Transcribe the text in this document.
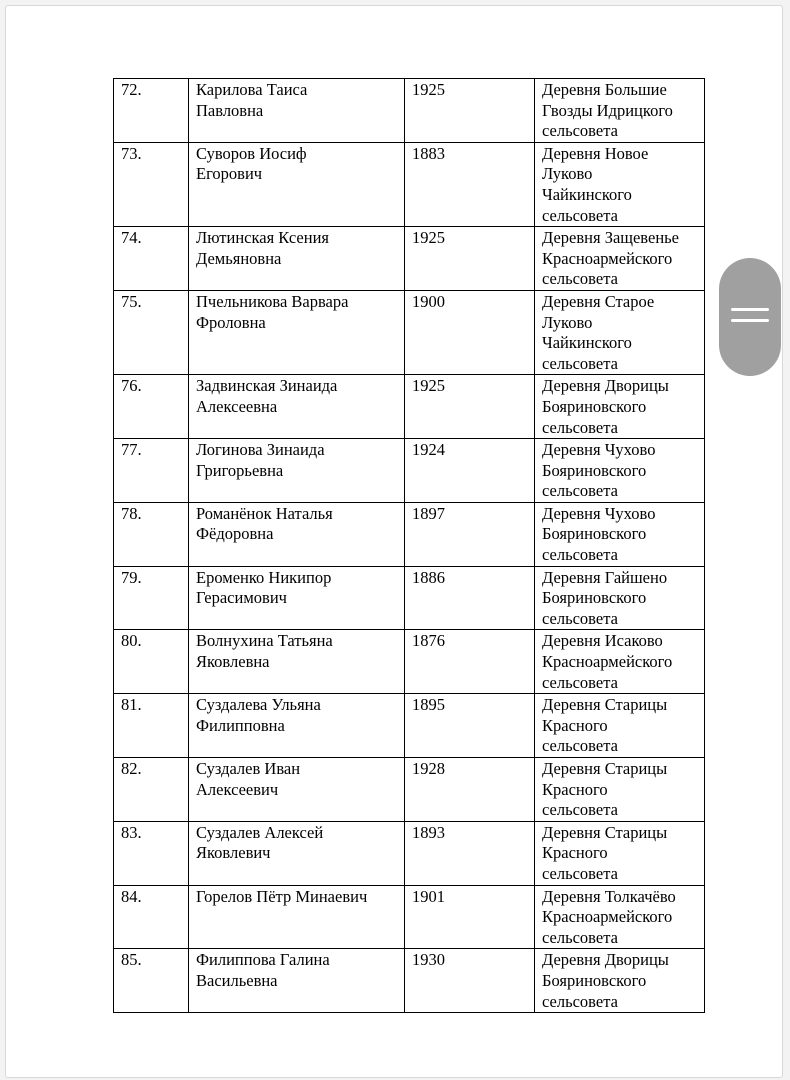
72.	Карилова Таиса
Павловна	1925	Деревня Большие
Гвозды Идрицкого
сельсовета

73.	Суворов Иосиф
Егорович	1883	Деревня Новое
Луково
Чайкинского
сельсовета

74.	Лютинская Ксения
Демьяновна	1925	Деревня Защевенье
Красноармейского
сельсовета

75.	Пчельникова Варвара
Фроловна	1900	Деревня Старое
Луково
Чайкинского
сельсовета

76.	Задвинская Зинаида
Алексеевна	1925	Деревня Дворицы
Бояриновского
сельсовета

77.	Логинова Зинаида
Григорьевна	1924	Деревня Чухово
Бояриновского
сельсовета

78.	Романёнок Наталья
Фёдоровна	1897	Деревня Чухово
Бояриновского
сельсовета

79.	Ероменко Никипор
Герасимович	1886	Деревня Гайшено
Бояриновского
сельсовета

80.	Волнухина Татьяна
Яковлевна	1876	Деревня Исаково
Красноармейского
сельсовета

81.	Суздалева Ульяна
Филипповна	1895	Деревня Старицы
Красного
сельсовета

82.	Суздалев Иван
Алексеевич	1928	Деревня Старицы
Красного
сельсовета

83.	Суздалев Алексей
Яковлевич	1893	Деревня Старицы
Красного
сельсовета

84.	Горелов Пётр Минаевич	1901	Деревня Толкачёво
Красноармейского
сельсовета

85.	Филиппова Галина
Васильевна	1930	Деревня Дворицы
Бояриновского
сельсовета
